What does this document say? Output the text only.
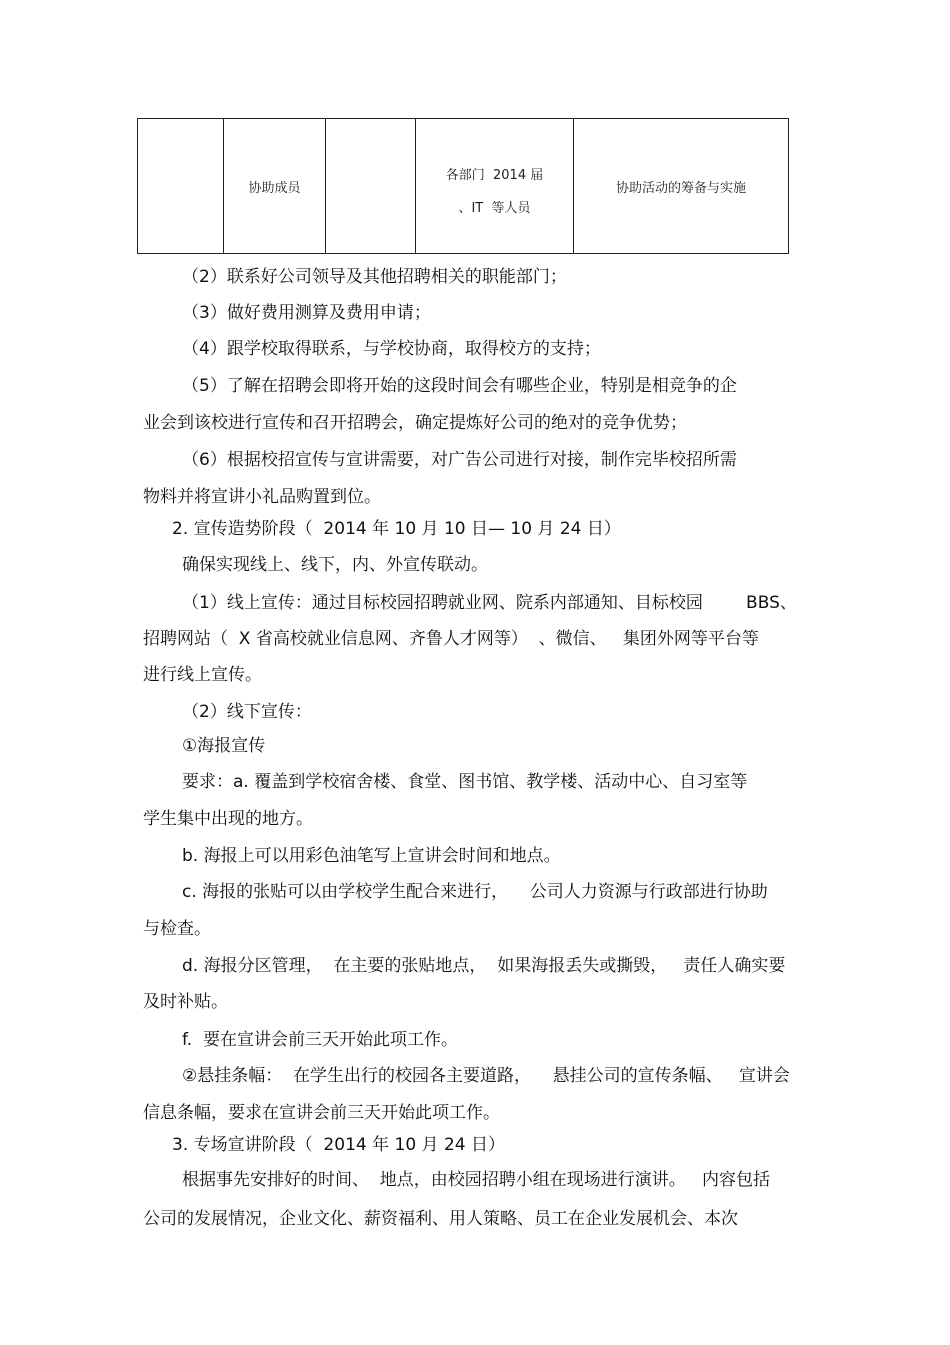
协助成员
各部门  2014 届
、IT  等人员
协助活动的筹备与实施
（2）联系好公司领导及其他招聘相关的职能部门；
（3）做好费用测算及费用申请；
（4）跟学校取得联系，与学校协商，取得校方的支持；
（5）了解在招聘会即将开始的这段时间会有哪些企业，特别是相竞争的企
业会到该校进行宣传和召开招聘会，确定提炼好公司的绝对的竞争优势；
（6）根据校招宣传与宣讲需要，对广告公司进行对接，制作完毕校招所需
物料并将宣讲小礼品购置到位。
2. 宣传造势阶段（  2014 年 10 月 10 日— 10 月 24 日）
确保实现线上、线下，内、外宣传联动。
（1）线上宣传：通过目标校园招聘就业网、院系内部通知、目标校园        BBS、
招聘网站（  X 省高校就业信息网、齐鲁人才网等）  、微信、   集团外网等平台等
进行线上宣传。
（2）线下宣传：
①海报宣传
要求：a. 覆盖到学校宿舍楼、食堂、图书馆、教学楼、活动中心、自习室等
学生集中出现的地方。
b. 海报上可以用彩色油笔写上宣讲会时间和地点。
c. 海报的张贴可以由学校学生配合来进行，    公司人力资源与行政部进行协助
与检查。
d. 海报分区管理，  在主要的张贴地点，  如果海报丢失或撕毁，   责任人确实要
及时补贴。
f.  要在宣讲会前三天开始此项工作。
②悬挂条幅：  在学生出行的校园各主要道路，    悬挂公司的宣传条幅、   宣讲会
信息条幅，要求在宣讲会前三天开始此项工作。
3. 专场宣讲阶段（  2014 年 10 月 24 日）
根据事先安排好的时间、  地点，由校园招聘小组在现场进行演讲。   内容包括
公司的发展情况，企业文化、薪资福利、用人策略、员工在企业发展机会、本次
